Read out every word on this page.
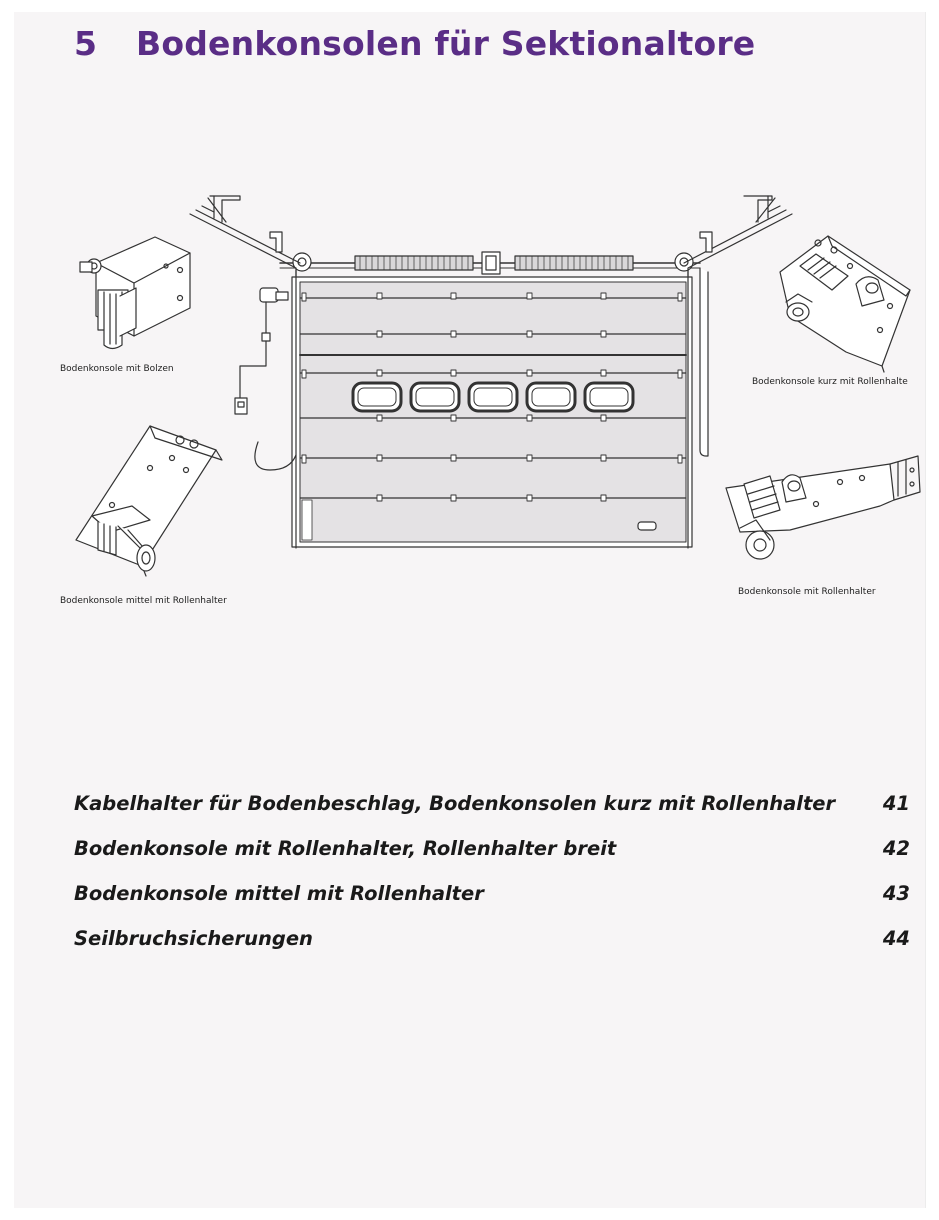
5 Bodenkonsolen für Sektionaltore
Bodenkonsole mit Bolzen
Bodenkonsole mittel mit Rollenhalter
Bodenkonsole kurz mit Rollenhalte
Bodenkonsole mit Rollenhalter
Kabelhalter für Bodenbeschlag, Bodenkonsolen kurz mit Rollenhalter 41
Bodenkonsole mit Rollenhalter, Rollenhalter breit	42
Bodenkonsole mittel mit Rollenhalter	43
Seilbruchsicherungen	44
